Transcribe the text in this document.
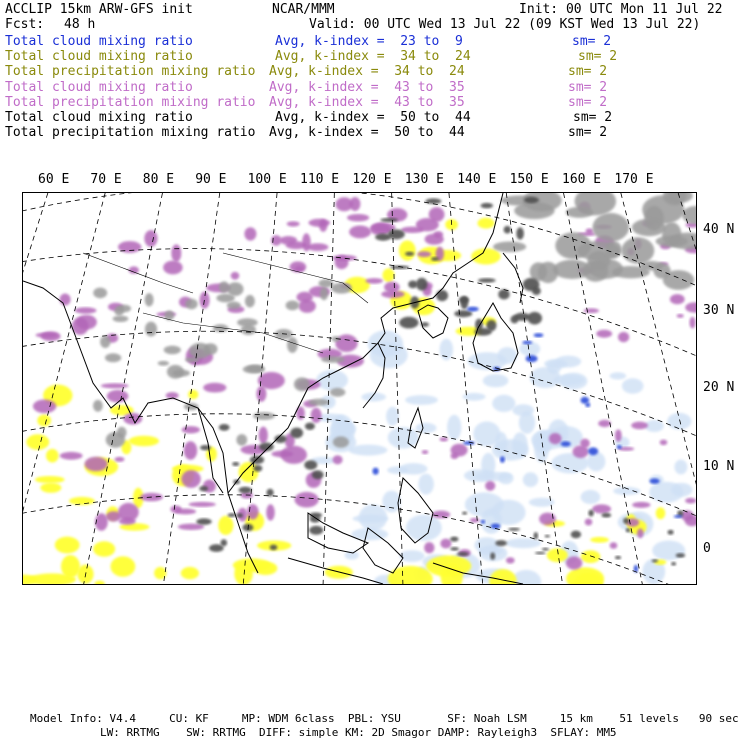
ACCLIP 15km ARW-GFS init	NCAR/MMM	Init: 00 UTC Mon 11 Jul 22
Fcst: 48 h	Valid: 00 UTC Wed 13 Jul 22 (09 KST Wed 13 Jul 22)
Total cloud mixing ratio	Avg, k-index =  23 to  9	sm= 2
Total cloud mixing ratio	Avg, k-index =  34 to  24	sm= 2
Total precipitation mixing ratio Avg, k-index =  34 to  24	sm= 2
Total cloud mixing ratio	Avg, k-index =  43 to  35	sm= 2
Total precipitation mixing ratio Avg, k-index =  43 to  35	sm= 2
Total cloud mixing ratio	Avg, k-index =  50 to  44	sm= 2
Total precipitation mixing ratio Avg, k-index =  50 to  44	sm= 2
60 E 70 E 80 E 90 E 100 E 110 E 120 E 130 E 140 E 150 E 160 E 170 E
40 N
30 N
20 N
10 N
0
Model Info: V4.4     CU: KF     MP: WDM 6class  PBL: YSU       SF: Noah LSM     15 km    51 levels   90 sec
LW: RRTMG    SW: RRTMG  DIFF: simple KM: 2D Smagor DAMP: Rayleigh3  SFLAY: MM5
